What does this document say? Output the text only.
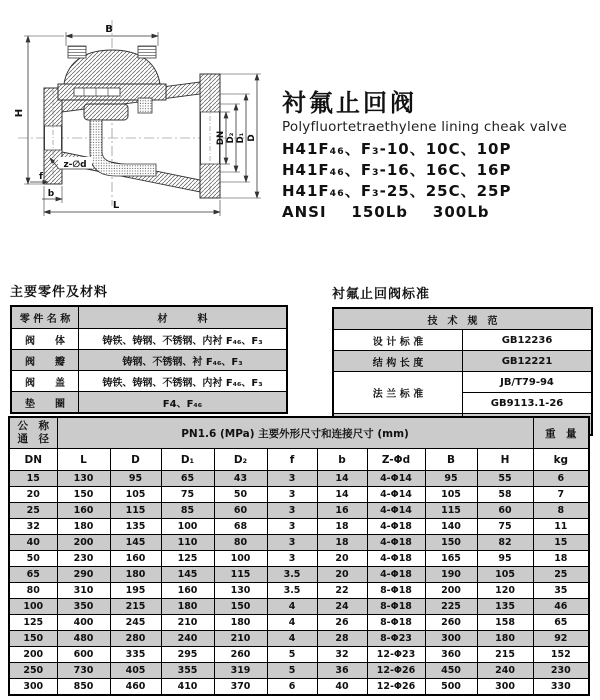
B
H
L
DN D₂ D₁ D
z-∅d
f
b
衬氟止回阀
Polyfluortetraethylene lining cheak valve
H41F₄₆、F₃-10、10C、10P
H41F₄₆、F₃-16、16C、16P
H41F₄₆、F₃-25、25C、25P
ANSI    150Lb    300Lb
主要零件及材料
零 件 名 称	材　　　料
阀　　体	铸铁、铸钢、不锈钢、内衬 F₄₆、F₃
阀　　瓣	铸钢、不锈钢、衬 F₄₆、F₃
阀　　盖	铸铁、铸钢、不锈钢、内衬 F₄₆、F₃
垫　　圈	F4、F₄₆
衬氟止回阀标准
技　术　规　范	
设 计 标 准	GB12236
结 构 长 度	GB12221
法 兰 标 准	JB/T79-94
	GB9113.1-26
检 验 试 验	GB/T13927
公　称
通　径	PN1.6 (MPa) 主要外形尺寸和连接尺寸 (mm)									重　量
DN	L	D	D₁	D₂	f	b	Z-Φd	B	H	kg
15	130	95	65	43	3	14	4-Φ14	95	55	6
20	150	105	75	50	3	14	4-Φ14	105	58	7
25	160	115	85	60	3	16	4-Φ14	115	60	8
32	180	135	100	68	3	18	4-Φ18	140	75	11
40	200	145	110	80	3	18	4-Φ18	150	82	15
50	230	160	125	100	3	20	4-Φ18	165	95	18
65	290	180	145	115	3.5	20	4-Φ18	190	105	25
80	310	195	160	130	3.5	22	8-Φ18	200	120	35
100	350	215	180	150	4	24	8-Φ18	225	135	46
125	400	245	210	180	4	26	8-Φ18	260	158	65
150	480	280	240	210	4	28	8-Φ23	300	180	92
200	600	335	295	260	5	32	12-Φ23	360	215	152
250	730	405	355	319	5	36	12-Φ26	450	240	230
300	850	460	410	370	6	40	12-Φ26	500	300	330
